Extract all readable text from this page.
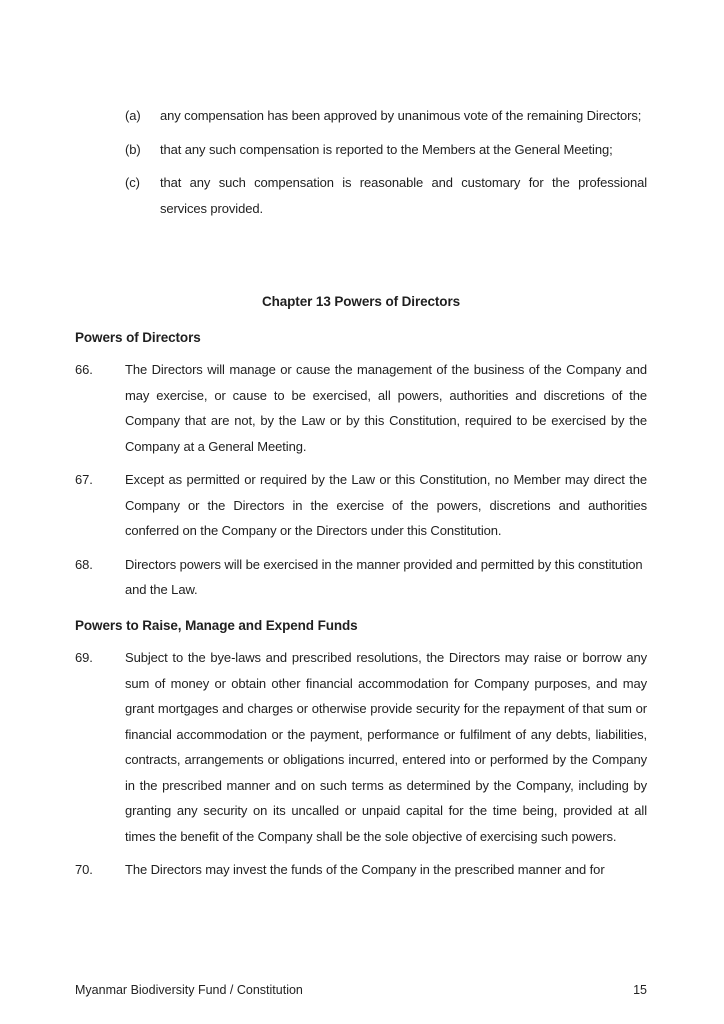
(a)	any compensation has been approved by unanimous vote of the remaining Directors;
(b)	that any such compensation is reported to the Members at the General Meeting;
(c)	that any such compensation is reasonable and customary for the professional services provided.
Chapter 13 Powers of Directors
Powers of Directors
66.	The Directors will manage or cause the management of the business of the Company and may exercise, or cause to be exercised, all powers, authorities and discretions of the Company that are not, by the Law or by this Constitution, required to be exercised by the Company at a General Meeting.
67.	Except as permitted or required by the Law or this Constitution, no Member may direct the Company or the Directors in the exercise of the powers, discretions and authorities conferred on the Company or the Directors under this Constitution.
68.	Directors powers will be exercised in the manner provided and permitted by this constitution and the Law.
Powers to Raise, Manage and Expend Funds
69.	Subject to the bye-laws and prescribed resolutions, the Directors may raise or borrow any sum of money or obtain other financial accommodation for Company purposes, and may grant mortgages and charges or otherwise provide security for the repayment of that sum or financial accommodation or the payment, performance or fulfilment of any debts, liabilities, contracts, arrangements or obligations incurred, entered into or performed by the Company in the prescribed manner and on such terms as determined by the Company, including by granting any security on its uncalled or unpaid capital for the time being, provided at all times the benefit of the Company shall be the sole objective of exercising such powers.
70.	The Directors may invest the funds of the Company in the prescribed manner and for
Myanmar Biodiversity Fund / Constitution	15
